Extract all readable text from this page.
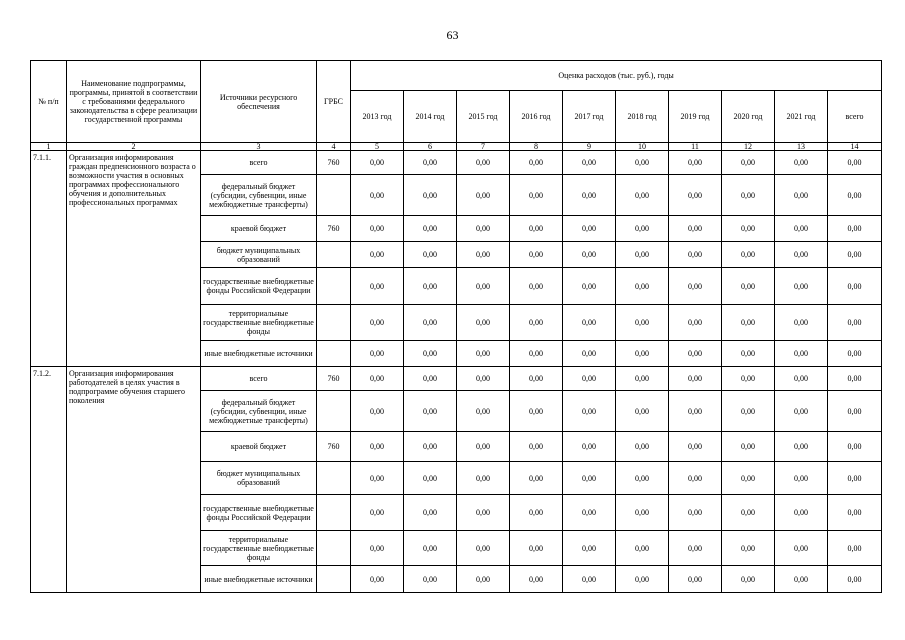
63
№ п/п	Наименование подпрограммы, программы, принятой в соответствии с требованиями федерального законодательства в сфере реализации государственной программы	Источники ресурсного обеспечения	ГРБС	Оценка расходов (тыс. руб.), годы									
				2013 год	2014 год	2015 год	2016 год	2017 год	2018 год	2019 год	2020 год	2021 год	всего
1	2	3	4	5	6	7	8	9	10	11	12	13	14
7.1.1.	Организация информирования граждан предпенсионного возраста о возможности участия в основных программах профессионального обучения и дополнительных профессиональных программах	всего	760	0,00	0,00	0,00	0,00	0,00	0,00	0,00	0,00	0,00	0,00
		федеральный бюджет (субсидии, субвенции, иные межбюджетные трансферты)		0,00	0,00	0,00	0,00	0,00	0,00	0,00	0,00	0,00	0,00
		краевой бюджет	760	0,00	0,00	0,00	0,00	0,00	0,00	0,00	0,00	0,00	0,00
		бюджет муниципальных образований		0,00	0,00	0,00	0,00	0,00	0,00	0,00	0,00	0,00	0,00
		государственные внебюджетные фонды Российской Федерации		0,00	0,00	0,00	0,00	0,00	0,00	0,00	0,00	0,00	0,00
		территориальные государственные внебюджетные фонды		0,00	0,00	0,00	0,00	0,00	0,00	0,00	0,00	0,00	0,00
		иные внебюджетные источники		0,00	0,00	0,00	0,00	0,00	0,00	0,00	0,00	0,00	0,00
7.1.2.	Организация информирования работодателей в целях участия в подпрограмме обучения старшего поколения	всего	760	0,00	0,00	0,00	0,00	0,00	0,00	0,00	0,00	0,00	0,00
		федеральный бюджет (субсидии, субвенции, иные межбюджетные трансферты)		0,00	0,00	0,00	0,00	0,00	0,00	0,00	0,00	0,00	0,00
		краевой бюджет	760	0,00	0,00	0,00	0,00	0,00	0,00	0,00	0,00	0,00	0,00
		бюджет муниципальных образований		0,00	0,00	0,00	0,00	0,00	0,00	0,00	0,00	0,00	0,00
		государственные внебюджетные фонды Российской Федерации		0,00	0,00	0,00	0,00	0,00	0,00	0,00	0,00	0,00	0,00
		территориальные государственные внебюджетные фонды		0,00	0,00	0,00	0,00	0,00	0,00	0,00	0,00	0,00	0,00
		иные внебюджетные источники		0,00	0,00	0,00	0,00	0,00	0,00	0,00	0,00	0,00	0,00
